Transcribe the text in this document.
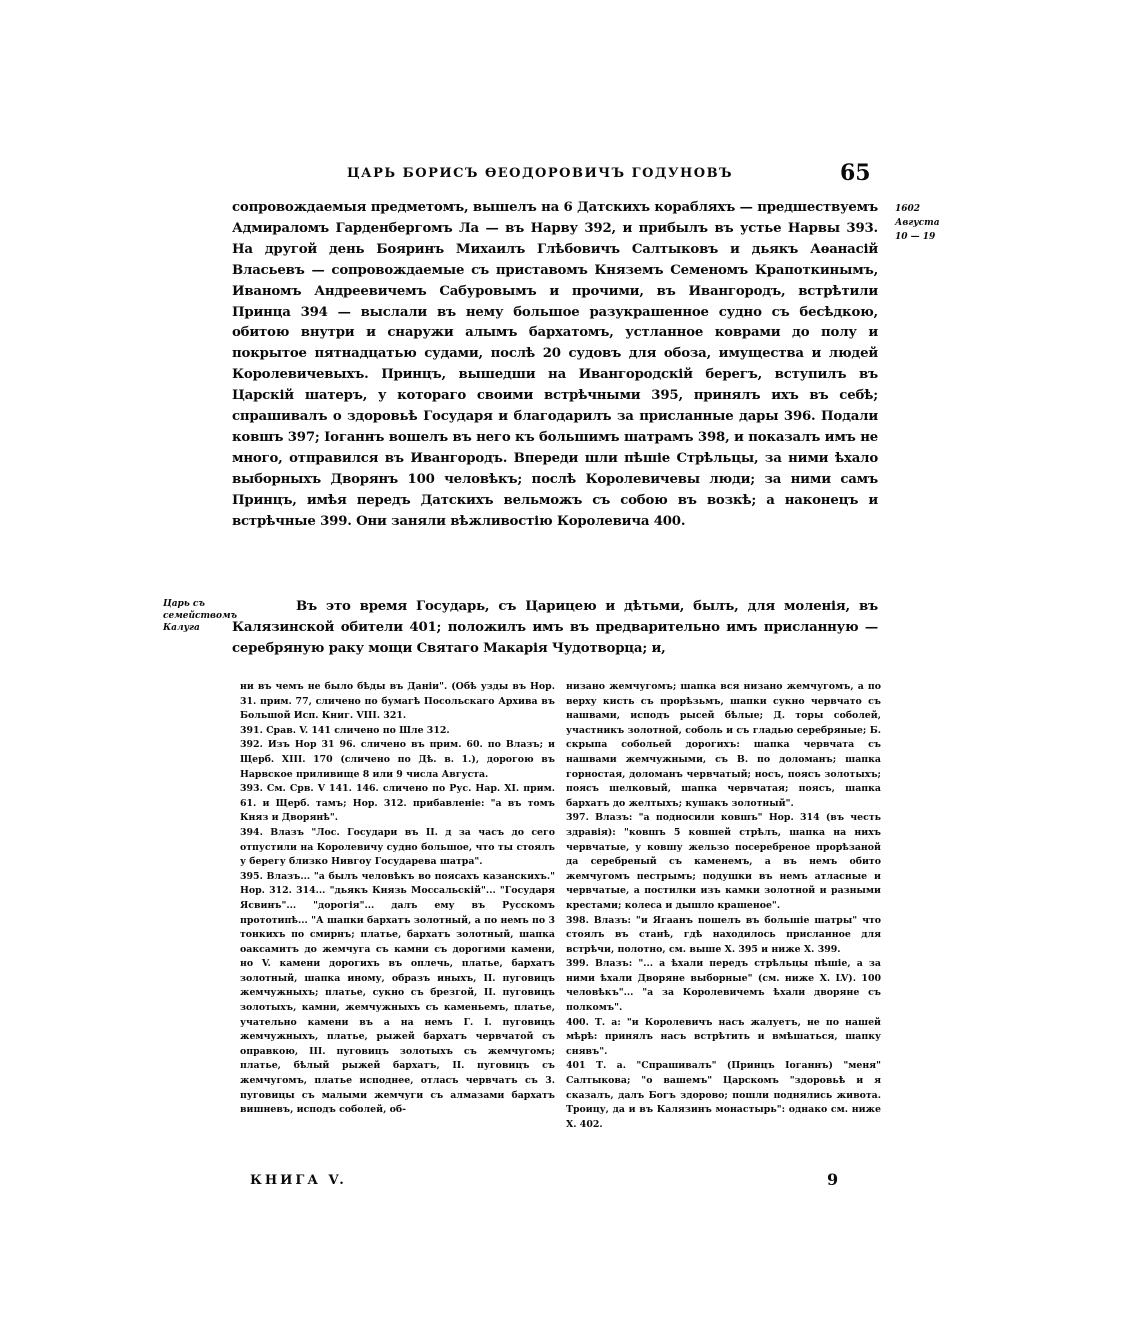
ЦАРЬ БОРИСЪ ѲЕОДОРОВИЧЪ ГОДУНОВЪ	65
1602
Августа
10 — 19

сопровождаемыя предметомъ, вышелъ на 6 Датскихъ корабляхъ — предшествуемъ Адмираломъ Гарденбергомъ Ла — въ Нарву 392, и прибылъ въ устье Нарвы 393. На другой день Бояринъ Михаилъ Глѣбовичъ Салтыковъ и дьякъ Аѳанасій Власьевъ — сопровождаемые съ приставомъ Княземъ Семеномъ Крапоткинымъ, Иваномъ Андреевичемъ Сабуровымъ и прочими, въ Ивангородъ, встрѣтили Принца 394 — выслали въ нему большое разукрашенное судно съ бесѣдкою, обитою внутри и снаружи алымъ бархатомъ, устланное коврами до полу и покрытое пятнадцатью судами, послѣ 20 судовъ для обоза, имущества и людей Королевичевыхъ. Принцъ, вышедши на Ивангородскій берегъ, вступилъ въ Царскій шатеръ, у котораго своими встрѣчными 395, принялъ ихъ въ себѣ; спрашивалъ о здоровьѣ Государя и благодарилъ за присланные дары 396. Подали ковшъ 397; Іоганнъ вошелъ въ него къ большимъ шатрамъ 398, и показалъ имъ не много, отправился въ Ивангородъ. Впереди шли пѣшіе Стрѣльцы, за ними ѣхало выборныхъ Дворянъ 100 человѣкъ; послѣ Королевичевы люди; за ними самъ Принцъ, имѣя передъ Датскихъ вельможъ съ собою въ возкѣ; а наконецъ и встрѣчные 399. Они заняли вѣжливостію Королевича 400.

Царь съ
семействомъ
Калуга
Въ это время Государь, съ Царицею и дѣтьми, былъ, для моленія, въ Калязинской обители 401; положилъ имъ въ предварительно имъ присланную — серебряную раку мощи Святаго Макарія Чудотворца; и,

ни въ чемъ не было бѣды въ Даніи". (Обѣ узды въ Нор. 31. прим. 77, сличено по бумагѣ Посольскаго Архива въ Большой Исп. Книг. VIII. 321.

391. Срав. V. 141 сличено по Шле 312.

392. Изъ Нор 31 96. сличено въ прим. 60. по Влазъ; и Щерб. XIII. 170 (сличено по Дѣ. в. 1.), дорогою въ Нарвское приливище 8 или 9 числа Августа.

393. См. Срв. V 141. 146. сличено по Рус. Нар. XI. прим. 61. и Щерб. тамъ; Нор. 312. прибавленіе: "а въ томъ Княз и Дворянѣ".

394. Влазъ "Лос. Государи въ II. д за часъ до сего отпустили на Королевичу судно большое, что ты стоялъ у берегу близко Нивгоу Государева шатра".

395. Влазъ... "а былъ человѣкъ во поясахъ казанскихъ." Нор. 312. 314... "дьякъ Князь Моссальскій"... "Государя Ясвинъ"... "дорогія"... далъ ему въ Русскомъ прототипѣ... "А шапки бархатъ золотный, а по немъ по 3 тонкихъ по смирнъ; платье, бархатъ золотный, шапка оаксамитъ до жемчуга съ камни съ дорогими камени, но V. камени дорогихъ въ оплечь, платье, бархатъ золотный, шапка иному, образъ иныхъ, II. пуговицъ жемчужныхъ; платье, сукно съ брезгой, II. пуговицъ золотыхъ, камни, жемчужныхъ съ каменьемъ, платье, учательно камени въ а на немъ Г. I. пуговицъ жемчужныхъ, платье, рыжей бархатъ червчатой съ оправкою, III. пуговицъ золотыхъ съ жемчугомъ; платье, бѣлый рыжей бархатъ, II. пуговицъ съ жемчугомъ, платье исподнее, отласъ червчатъ съ 3. пуговицы съ малыми жемчуги съ алмазами бархатъ вишневъ, исподъ соболей, об-

низано жемчугомъ; шапка вся низано жемчугомъ, а по верху кисть съ прорѣзьмъ, шапки сукно червчато съ нашвами, исподъ рысей бѣлые; Д. торы соболей, участникъ золотной, соболь и съ гладью серебряные; Б. скрыпа собольей дорогихъ: шапка червчата съ нашвами жемчужными, съ В. по доломанъ; шапка горностая, доломанъ червчатый; носъ, поясъ золотыхъ; поясъ шелковый, шапка червчатая; поясъ, шапка бархатъ до желтыхъ; кушакъ золотный".

397. Влазъ: "а подносили ковшъ" Нор. 314 (въ честь здравія): "ковшъ 5 ковшей стрѣлъ, шапка на нихъ червчатые, у ковшу жельзо посеребреное прорѣзаной да серебреный съ каменемъ, а въ немъ обито жемчугомъ пестрымъ; подушки въ немъ атласные и червчатые, а постилки изъ камки золотной и разными крестами; колеса и дышло крашеное".

398. Влазъ: "и Ягаанъ пошелъ въ большіе шатры" что стоялъ въ станѣ, гдѣ находилось присланное для встрѣчи, полотно, см. выше X. 395 и ниже X. 399.

399. Влазъ: "... а ѣхали передъ стрѣльцы пѣшіе, а за ними ѣхали Дворяне выборные" (см. ниже X. LV). 100 человѣкъ"... "а за Королевичемъ ѣхали дворяне съ полкомъ".

400. Т. а: "и Королевичъ насъ жалуетъ, не по нашей мѣрѣ: принялъ насъ встрѣтить и вмѣшаться, шапку снявъ".

401 Т. а. "Спрашивалъ" (Принцъ Іоганнъ) "меня" Салтыкова; "о вашемъ" Царскомъ "здоровьѣ и я сказалъ, далъ Богъ здорово; пошли поднялись живота. Троицу, да и въ Калязинъ монастырь": однако см. ниже X. 402.

КНИГА V.	9
